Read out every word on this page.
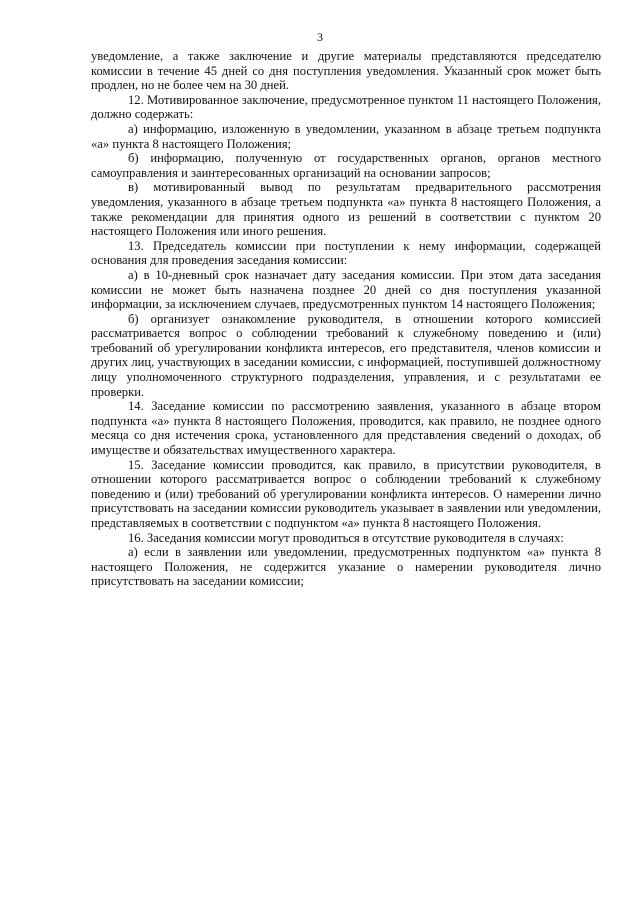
3

уведомление, а также заключение и другие материалы представляются председателю комиссии в течение 45 дней со дня поступления уведомления. Указанный срок может быть продлен, но не более чем на 30 дней.

12. Мотивированное заключение, предусмотренное пунктом 11 настоящего Положения, должно содержать:

а) информацию, изложенную в уведомлении, указанном в абзаце третьем подпункта «а» пункта 8 настоящего Положения;

б) информацию, полученную от государственных органов, органов местного самоуправления и заинтересованных организаций на основании запросов;

в) мотивированный вывод по результатам предварительного рассмотрения уведомления, указанного в абзаце третьем подпункта «а» пункта 8 настоящего Положения, а также рекомендации для принятия одного из решений в соответствии с пунктом 20 настоящего Положения или иного решения.

13. Председатель комиссии при поступлении к нему информации, содержащей основания для проведения заседания комиссии:

а) в 10-дневный срок назначает дату заседания комиссии. При этом дата заседания комиссии не может быть назначена позднее 20 дней со дня поступления указанной информации, за исключением случаев, предусмотренных пунктом 14 настоящего Положения;

б) организует ознакомление руководителя, в отношении которого комиссией рассматривается вопрос о соблюдении требований к служебному поведению и (или) требований об урегулировании конфликта интересов, его представителя, членов комиссии и других лиц, участвующих в заседании комиссии, с информацией, поступившей должностному лицу уполномоченного структурного подразделения, управления, и с результатами ее проверки.

14. Заседание комиссии по рассмотрению заявления, указанного в абзаце втором подпункта «а» пункта 8 настоящего Положения, проводится, как правило, не позднее одного месяца со дня истечения срока, установленного для представления сведений о доходах, об имуществе и обязательствах имущественного характера.

15. Заседание комиссии проводится, как правило, в присутствии руководителя, в отношении которого рассматривается вопрос о соблюдении требований к служебному поведению и (или) требований об урегулировании конфликта интересов. О намерении лично присутствовать на заседании комиссии руководитель указывает в заявлении или уведомлении, представляемых в соответствии с подпунктом «а» пункта 8 настоящего Положения.

16. Заседания комиссии могут проводиться в отсутствие руководителя в случаях:

а) если в заявлении или уведомлении, предусмотренных подпунктом «а» пункта 8 настоящего Положения, не содержится указание о намерении руководителя лично присутствовать на заседании комиссии;
